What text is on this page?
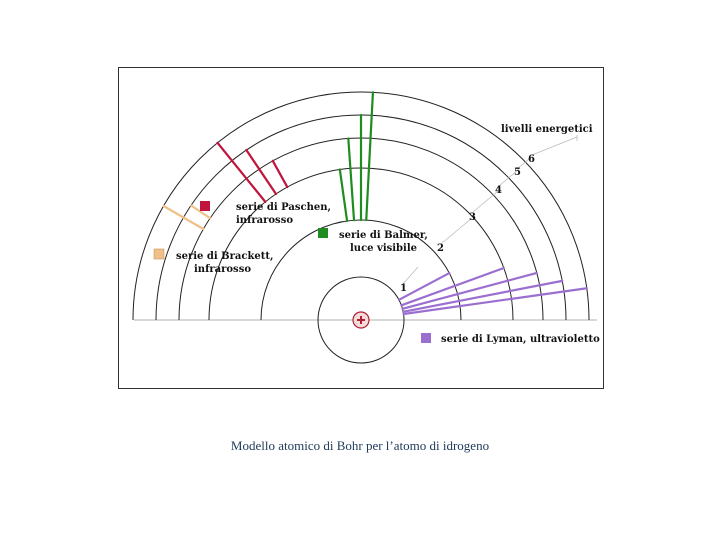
livelli energetici
1
2
3
4
5
6
serie di Paschen,
infrarosso
serie di Balmer,
luce visibile
serie di Brackett,
infrarosso
serie di Lyman, ultravioletto
Modello atomico di Bohr per l’atomo di idrogeno
